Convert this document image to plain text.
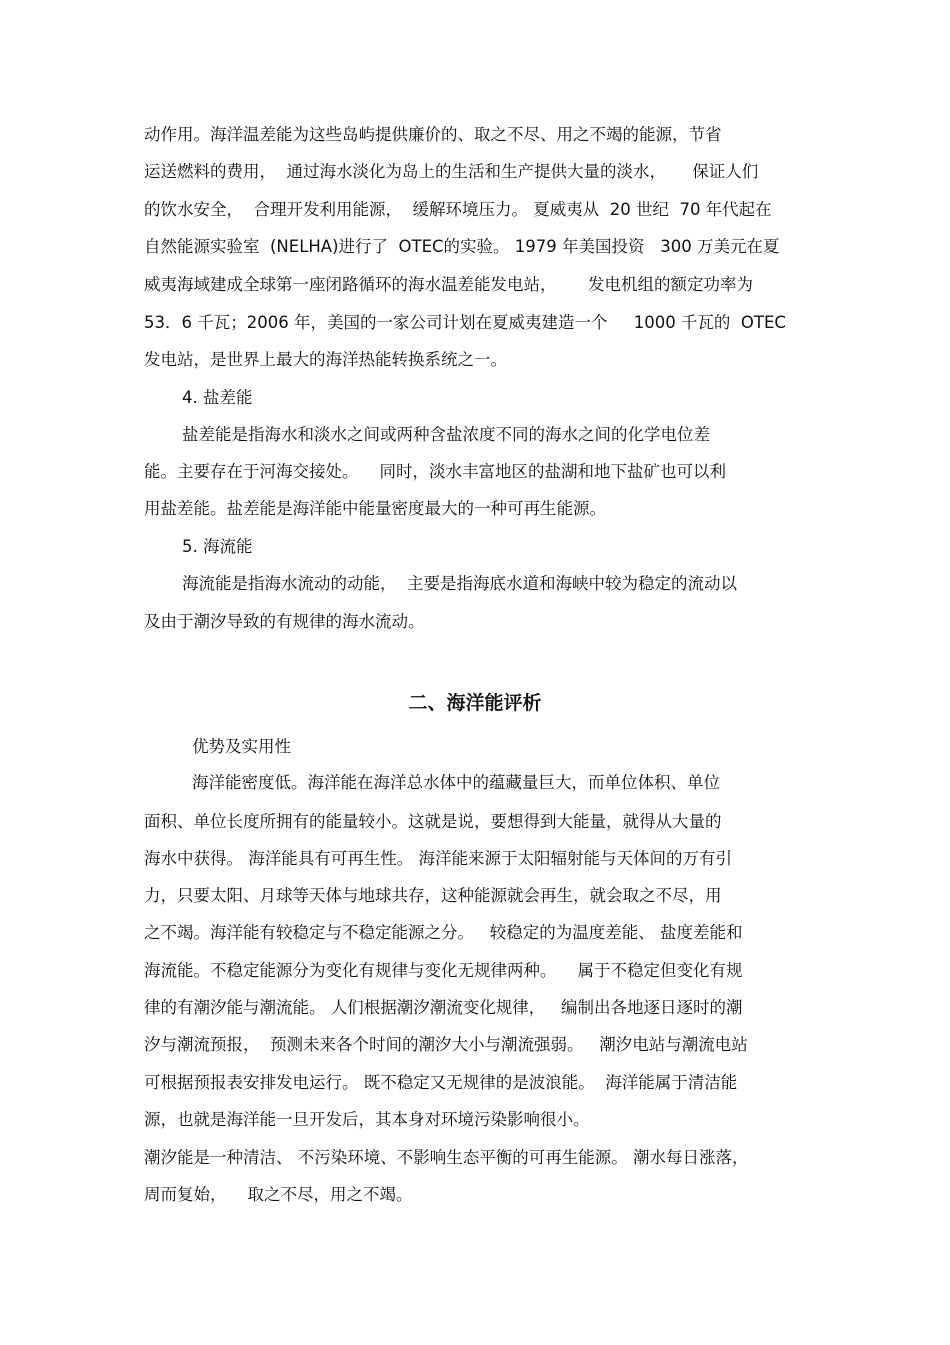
动作用。海洋温差能为这些岛屿提供廉价的、取之不尽、用之不竭的能源，节省

运送燃料的费用，  通过海水淡化为岛上的生活和生产提供大量的淡水，     保证人们

的饮水安全，  合理开发利用能源，  缓解环境压力。 夏威夷从  20 世纪  70 年代起在

自然能源实验室  (NELHA)进行了  OTEC的实验。 1979 年美国投资   300 万美元在夏

威夷海域建成全球第一座闭路循环的海水温差能发电站，      发电机组的额定功率为

53．6 千瓦；2006 年，美国的一家公司计划在夏威夷建造一个     1000 千瓦的  OTEC

发电站，是世界上最大的海洋热能转换系统之一。

4. 盐差能

盐差能是指海水和淡水之间或两种含盐浓度不同的海水之间的化学电位差

能。主要存在于河海交接处。    同时，淡水丰富地区的盐湖和地下盐矿也可以利

用盐差能。盐差能是海洋能中能量密度最大的一种可再生能源。

5. 海流能

海流能是指海水流动的动能，  主要是指海底水道和海峡中较为稳定的流动以

及由于潮汐导致的有规律的海水流动。

二、海洋能评析

优势及实用性

海洋能密度低。海洋能在海洋总水体中的蕴藏量巨大，而单位体积、单位

面积、单位长度所拥有的能量较小。这就是说，要想得到大能量，就得从大量的

海水中获得。 海洋能具有可再生性。 海洋能来源于太阳辐射能与天体间的万有引

力，只要太阳、月球等天体与地球共存，这种能源就会再生，就会取之不尽，用

之不竭。海洋能有较稳定与不稳定能源之分。   较稳定的为温度差能、 盐度差能和

海流能。不稳定能源分为变化有规律与变化无规律两种。    属于不稳定但变化有规

律的有潮汐能与潮流能。 人们根据潮汐潮流变化规律，   编制出各地逐日逐时的潮

汐与潮流预报，  预测未来各个时间的潮汐大小与潮流强弱。   潮汐电站与潮流电站

可根据预报表安排发电运行。 既不稳定又无规律的是波浪能。  海洋能属于清洁能

源，也就是海洋能一旦开发后，其本身对环境污染影响很小。

潮汐能是一种清洁、 不污染环境、不影响生态平衡的可再生能源。 潮水每日涨落，

周而复始，    取之不尽，用之不竭。
